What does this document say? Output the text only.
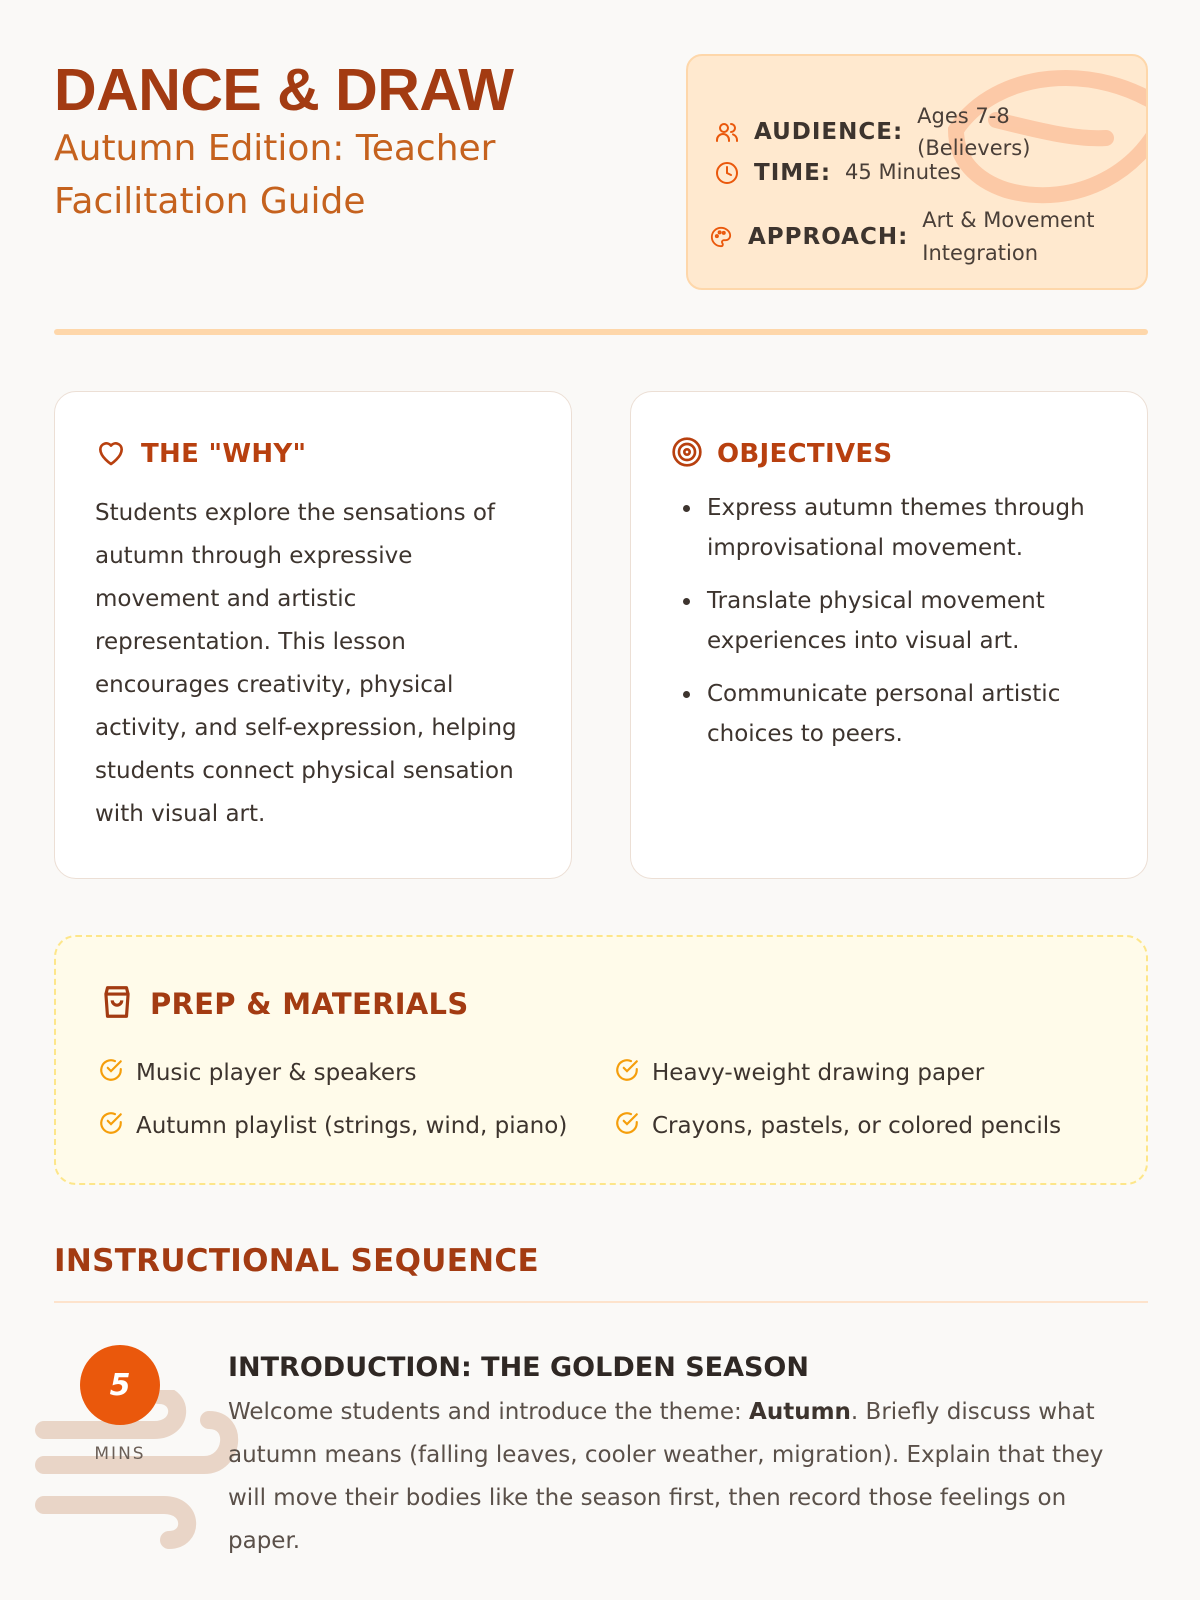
DANCE & DRAW
Autumn Edition: Teacher Facilitation Guide
AUDIENCE:
Ages 7-8
(Believers)
TIME: 45 Minutes
APPROACH:
Art & Movement
Integration
THE "WHY"

Students explore the sensations of autumn through expressive movement and artistic representation. This lesson encourages creativity, physical activity, and self-expression, helping students connect physical sensation with visual art.

OBJECTIVES
• Express autumn themes through improvisational movement.
• Translate physical movement experiences into visual art.
• Communicate personal artistic choices to peers.
PREP & MATERIALS
Music player & speakers	Heavy-weight drawing paper
Autumn playlist (strings, wind, piano)	Crayons, pastels, or colored pencils
INSTRUCTIONAL SEQUENCE
5
MINS
INTRODUCTION: THE GOLDEN SEASON

Welcome students and introduce the theme: Autumn. Briefly discuss what autumn means (falling leaves, cooler weather, migration). Explain that they will move their bodies like the season first, then record those feelings on paper.
